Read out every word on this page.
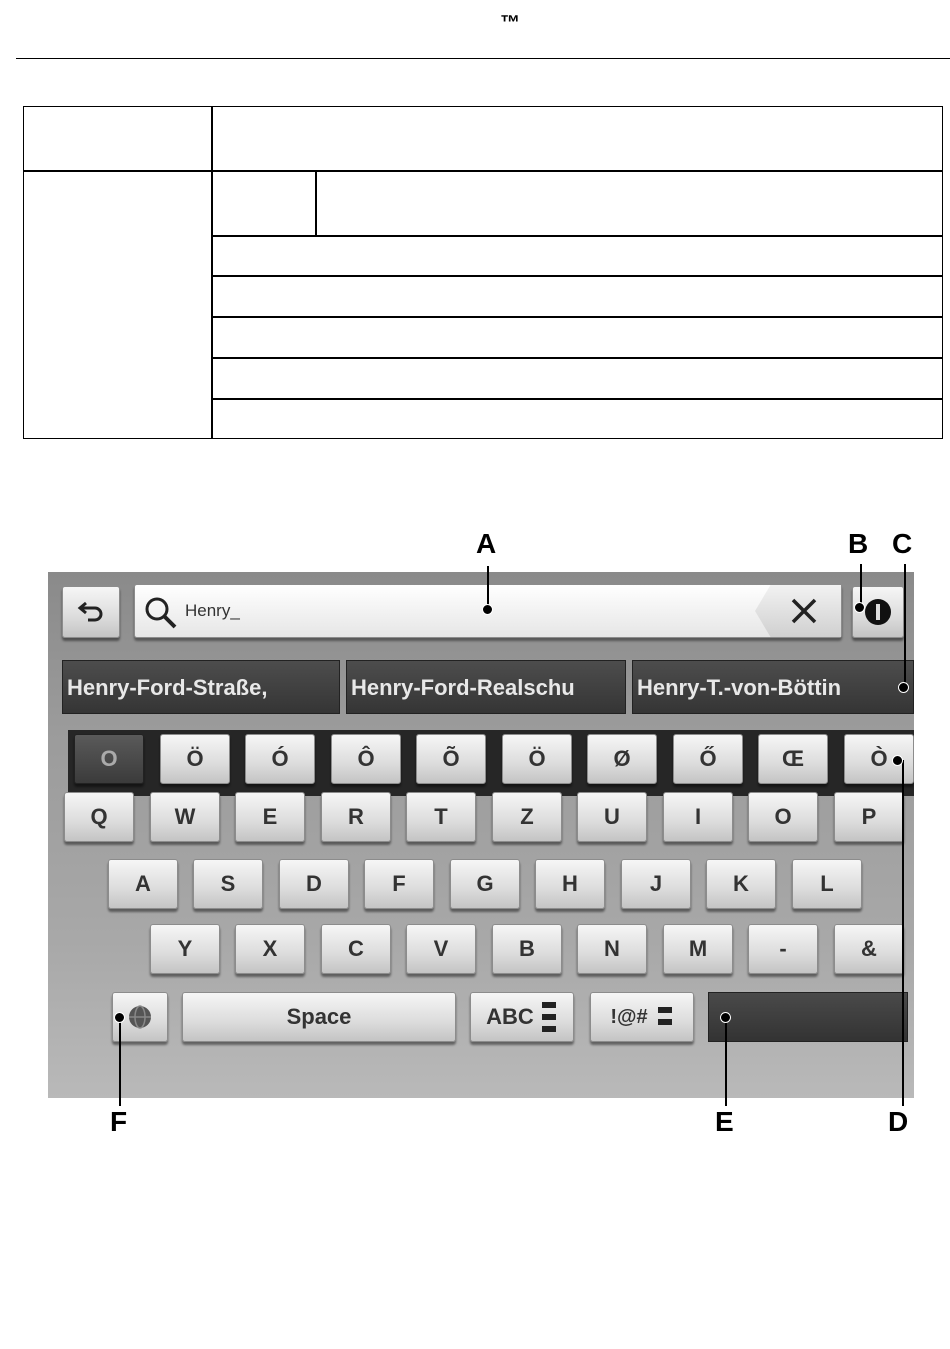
™
A	B C
F	E	D
Henry_
Henry-Ford-Straße,	Henry-Ford-Realschu	Henry-T.-von-Böttin
O	Ö	Ó	Ô	Õ	Ö	Ø	Ő	Œ	Ò
Q	W	E	R	T	Z	U	I	O	P
A	S	D	F	G	H	J	K	L
Y	X	C	V	B	N	M	-	&
Space	ABC	!@#
